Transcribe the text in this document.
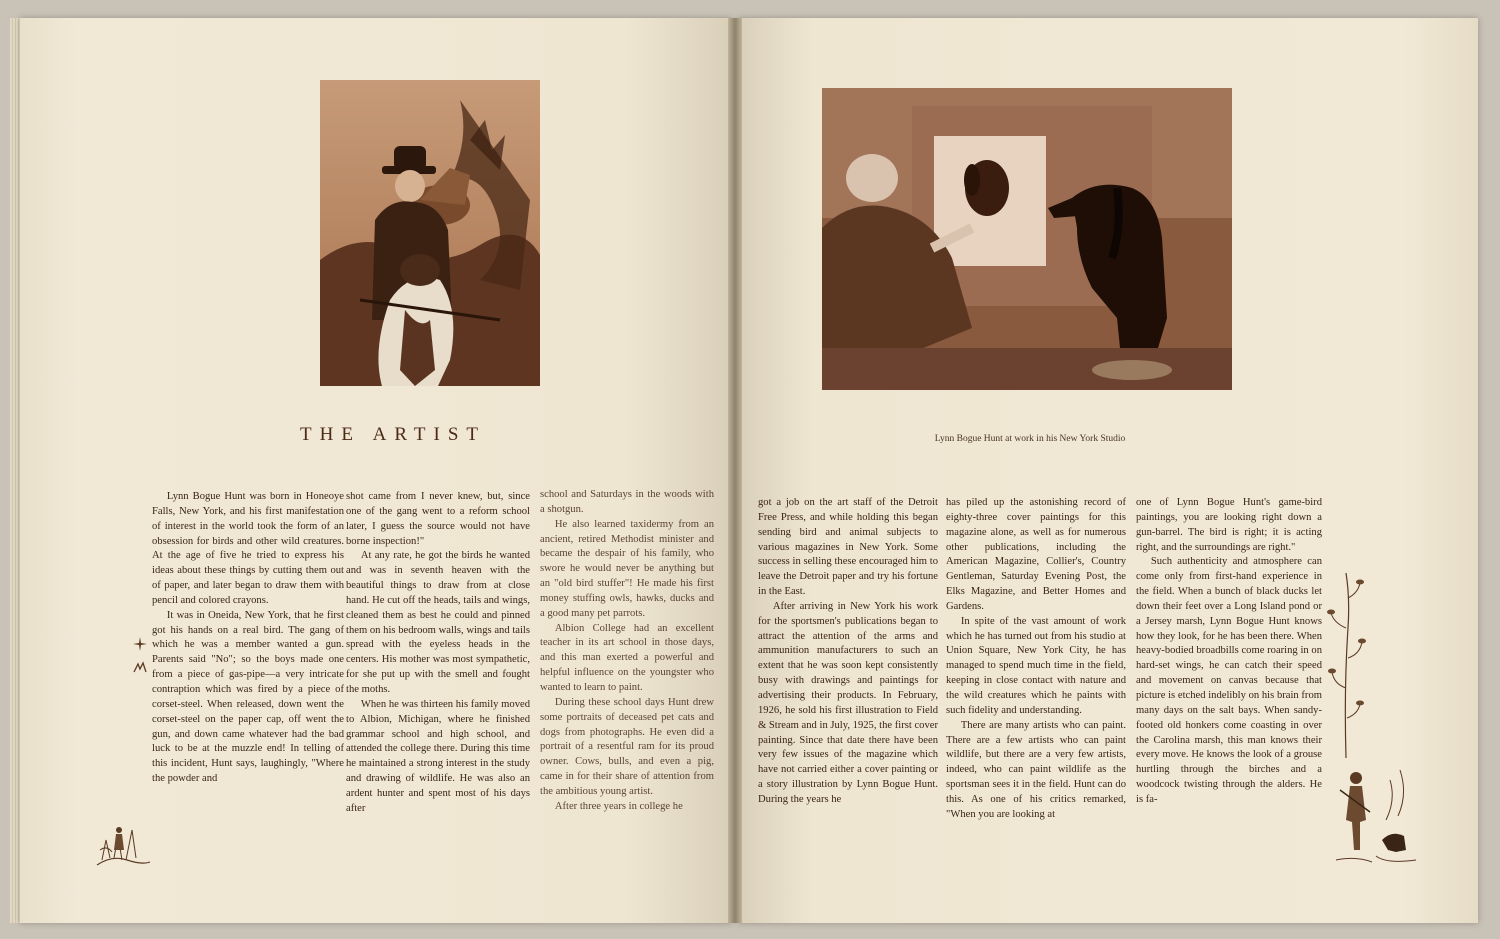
THE ARTIST

Lynn Bogue Hunt was born in Honeoye Falls, New York, and his first manifestation of interest in the world took the form of an obsession for birds and other wild creatures. At the age of five he tried to express his ideas about these things by cutting them out of paper, and later began to draw them with pencil and colored crayons.

It was in Oneida, New York, that he first got his hands on a real bird. The gang of which he was a member wanted a gun. Parents said "No"; so the boys made one from a piece of gas-pipe—a very intricate contraption which was fired by a piece of corset-steel. When released, down went the corset-steel on the paper cap, off went the gun, and down came whatever had the bad luck to be at the muzzle end! In telling of this incident, Hunt says, laughingly, "Where the powder and

shot came from I never knew, but, since one of the gang went to a reform school later, I guess the source would not have borne inspection!"

At any rate, he got the birds he wanted and was in seventh heaven with the beautiful things to draw from at close hand. He cut off the heads, tails and wings, cleaned them as best he could and pinned them on his bedroom walls, wings and tails spread with the eyeless heads in the centers. His mother was most sympathetic, for she put up with the smell and fought the moths.

When he was thirteen his family moved to Albion, Michigan, where he finished grammar school and high school, and attended the college there. During this time he maintained a strong interest in the study and drawing of wildlife. He was also an ardent hunter and spent most of his days after

school and Saturdays in the woods with a shotgun.

He also learned taxidermy from an ancient, retired Methodist minister and became the despair of his family, who swore he would never be anything but an "old bird stuffer"! He made his first money stuffing owls, hawks, ducks and a good many pet parrots.

Albion College had an excellent teacher in its art school in those days, and this man exerted a powerful and helpful influence on the youngster who wanted to learn to paint.

During these school days Hunt drew some portraits of deceased pet cats and dogs from photographs. He even did a portrait of a resentful ram for its proud owner. Cows, bulls, and even a pig, came in for their share of attention from the ambitious young artist.

After three years in college he

Lynn Bogue Hunt at work in his New York Studio

got a job on the art staff of the Detroit Free Press, and while holding this began sending bird and animal subjects to various magazines in New York. Some success in selling these encouraged him to leave the Detroit paper and try his fortune in the East.

After arriving in New York his work for the sportsmen's publications began to attract the attention of the arms and ammunition manufacturers to such an extent that he was soon kept consistently busy with drawings and paintings for advertising their products. In February, 1926, he sold his first illustration to Field & Stream and in July, 1925, the first cover painting. Since that date there have been very few issues of the magazine which have not carried either a cover painting or a story illustration by Lynn Bogue Hunt. During the years he

has piled up the astonishing record of eighty-three cover paintings for this magazine alone, as well as for numerous other publications, including the American Magazine, Collier's, Country Gentleman, Saturday Evening Post, the Elks Magazine, and Better Homes and Gardens.

In spite of the vast amount of work which he has turned out from his studio at Union Square, New York City, he has managed to spend much time in the field, keeping in close contact with nature and the wild creatures which he paints with such fidelity and understanding.

There are many artists who can paint. There are a few artists who can paint wildlife, but there are a very few artists, indeed, who can paint wildlife as the sportsman sees it in the field. Hunt can do this. As one of his critics remarked, "When you are looking at

one of Lynn Bogue Hunt's game-bird paintings, you are looking right down a gun-barrel. The bird is right; it is acting right, and the surroundings are right."

Such authenticity and atmosphere can come only from first-hand experience in the field. When a bunch of black ducks let down their feet over a Long Island pond or a Jersey marsh, Lynn Bogue Hunt knows how they look, for he has been there. When heavy-bodied broadbills come roaring in on hard-set wings, he can catch their speed and movement on canvas because that picture is etched indelibly on his brain from many days on the salt bays. When sandy-footed old honkers come coasting in over the Carolina marsh, this man knows their every move. He knows the look of a grouse hurtling through the birches and a woodcock twisting through the alders. He is fa-
